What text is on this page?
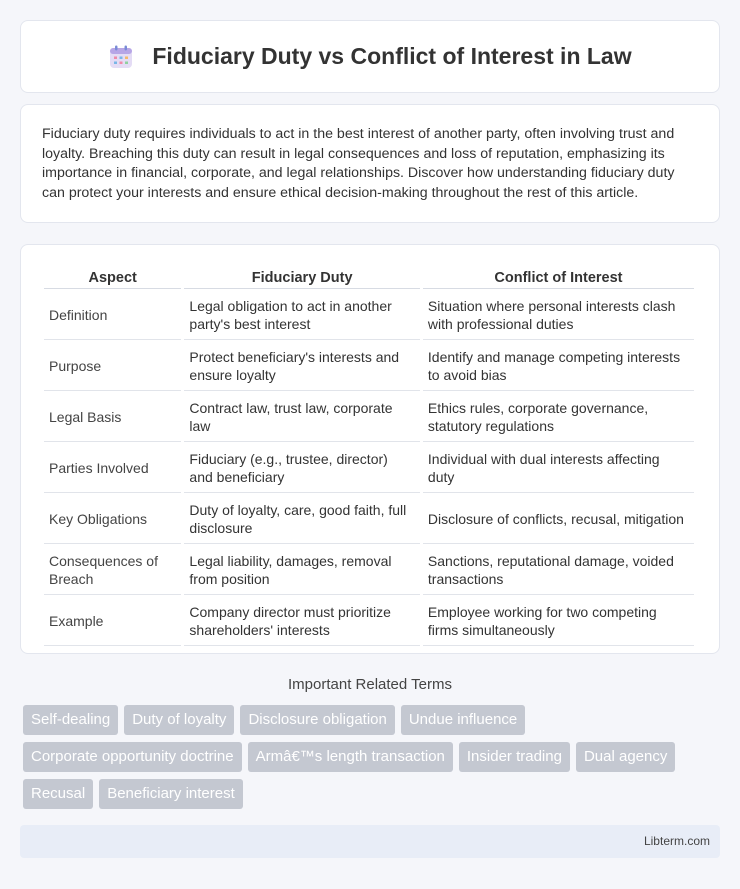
Fiduciary Duty vs Conflict of Interest in Law

Fiduciary duty requires individuals to act in the best interest of another party, often involving trust and loyalty. Breaching this duty can result in legal consequences and loss of reputation, emphasizing its importance in financial, corporate, and legal relationships. Discover how understanding fiduciary duty can protect your interests and ensure ethical decision-making throughout the rest of this article.

Aspect	Fiduciary Duty	Conflict of Interest
Definition	Legal obligation to act in another party's best interest	Situation where personal interests clash with professional duties
Purpose	Protect beneficiary's interests and ensure loyalty	Identify and manage competing interests to avoid bias
Legal Basis	Contract law, trust law, corporate law	Ethics rules, corporate governance, statutory regulations
Parties Involved	Fiduciary (e.g., trustee, director) and beneficiary	Individual with dual interests affecting duty
Key Obligations	Duty of loyalty, care, good faith, full disclosure	Disclosure of conflicts, recusal, mitigation
Consequences of Breach	Legal liability, damages, removal from position	Sanctions, reputational damage, voided transactions
Example	Company director must prioritize shareholders' interests	Employee working for two competing firms simultaneously
Important Related Terms
Self-dealing	Duty of loyalty	Disclosure obligation	Undue influence
Corporate opportunity doctrine	Armâ€™s length transaction	Insider trading	Dual agency
Recusal	Beneficiary interest
Libterm.com
